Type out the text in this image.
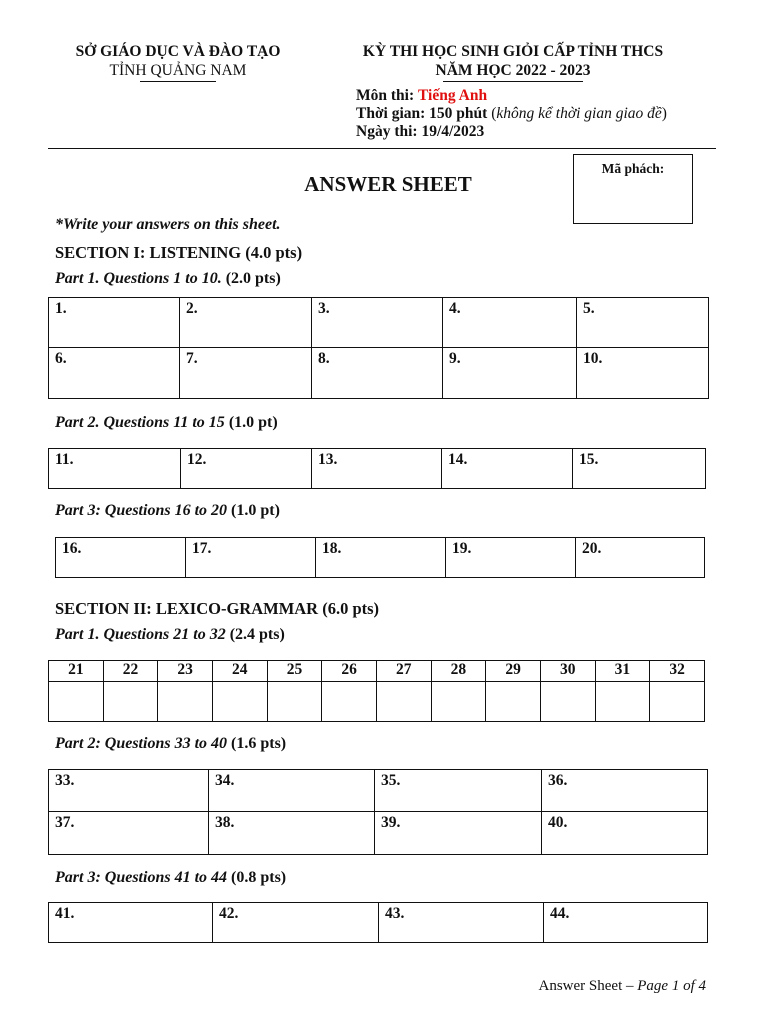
SỞ GIÁO DỤC VÀ ĐÀO TẠO
TỈNH QUẢNG NAM
KỲ THI HỌC SINH GIỎI CẤP TỈNH THCS
NĂM HỌC 2022 - 2023
Môn thi: Tiếng Anh
Thời gian: 150 phút (không kể thời gian giao đề)
Ngày thi: 19/4/2023
Mã phách:
ANSWER SHEET
*Write your answers on this sheet.
SECTION I: LISTENING (4.0 pts)
Part 1. Questions 1 to 10. (2.0 pts)
1.	2.	3.	4.	5.
6.	7.	8.	9.	10.
Part 2. Questions 11 to 15 (1.0 pt)
11.	12.	13.	14.	15.
Part 3: Questions 16 to 20 (1.0 pt)
16.	17.	18.	19.	20.
SECTION II: LEXICO-GRAMMAR (6.0 pts)
Part 1. Questions 21 to 32 (2.4 pts)
21	22	23	24	25	26	27	28	29	30	31	32

Part 2: Questions 33 to 40 (1.6 pts)
33.	34.	35.	36.
37.	38.	39.	40.
Part 3: Questions 41 to 44 (0.8 pts)
41.	42.	43.	44.
Answer Sheet – Page 1 of 4
